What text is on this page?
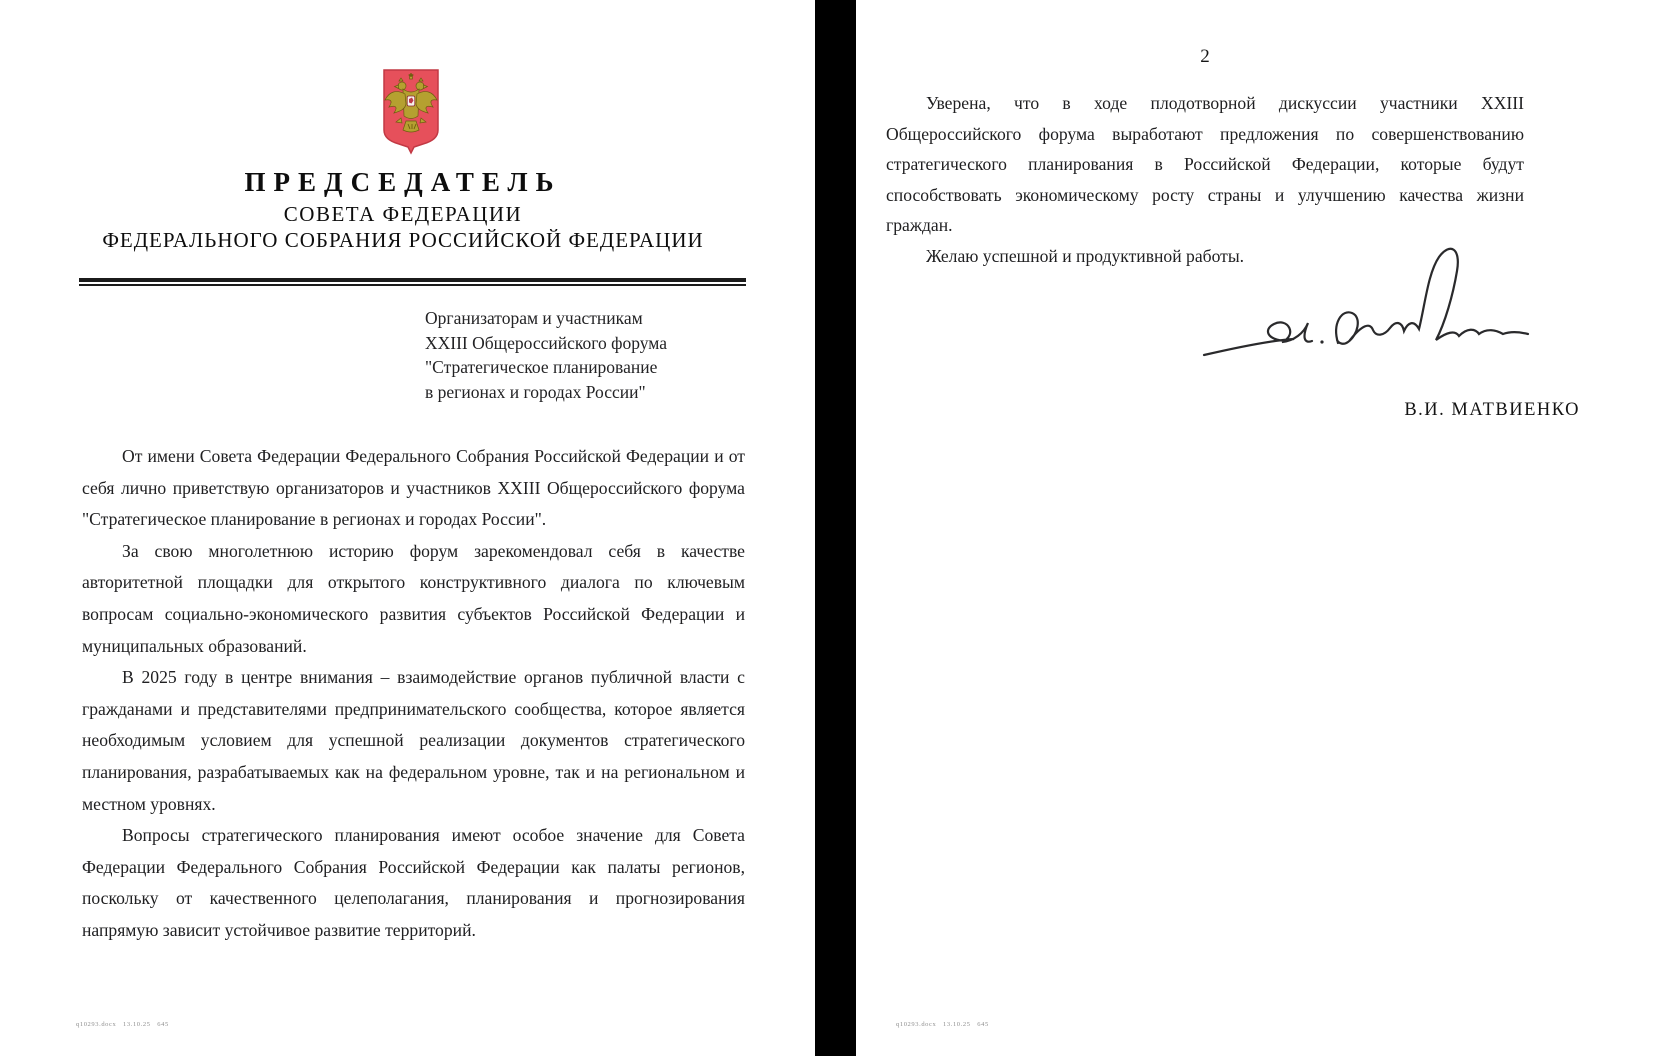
ПРЕДСЕДАТЕЛЬ
СОВЕТА ФЕДЕРАЦИИ
ФЕДЕРАЛЬНОГО СОБРАНИЯ РОССИЙСКОЙ ФЕДЕРАЦИИ
Организаторам и участникам
XXIII Общероссийского форума
"Стратегическое планирование
в регионах и городах России"

От имени Совета Федерации Федерального Собрания Российской Федерации и от себя лично приветствую организаторов и участников XXIII Общероссийского форума "Стратегическое планирование в регионах и городах России".

За свою многолетнюю историю форум зарекомендовал себя в качестве авторитетной площадки для открытого конструктивного диалога по ключевым вопросам социально-экономического развития субъектов Российской Федерации и муниципальных образований.

В 2025 году в центре внимания – взаимодействие органов публичной власти с гражданами и представителями предпринимательского сообщества, которое является необходимым условием для успешной реализации документов стратегического планирования, разрабатываемых как на федеральном уровне, так и на региональном и местном уровнях.

Вопросы стратегического планирования имеют особое значение для Совета Федерации Федерального Собрания Российской Федерации как палаты регионов, поскольку от качественного целеполагания, планирования и прогнозирования напрямую зависит устойчивое развитие территорий.

q10293.docx   13.10.25   645
2

Уверена, что в ходе плодотворной дискуссии участники XXIII Общероссийского форума выработают предложения по совершенствованию стратегического планирования в Российской Федерации, которые будут способствовать экономическому росту страны и улучшению качества жизни граждан.

Желаю успешной и продуктивной работы.

В.И. МАТВИЕНКО
q10293.docx   13.10.25   645
